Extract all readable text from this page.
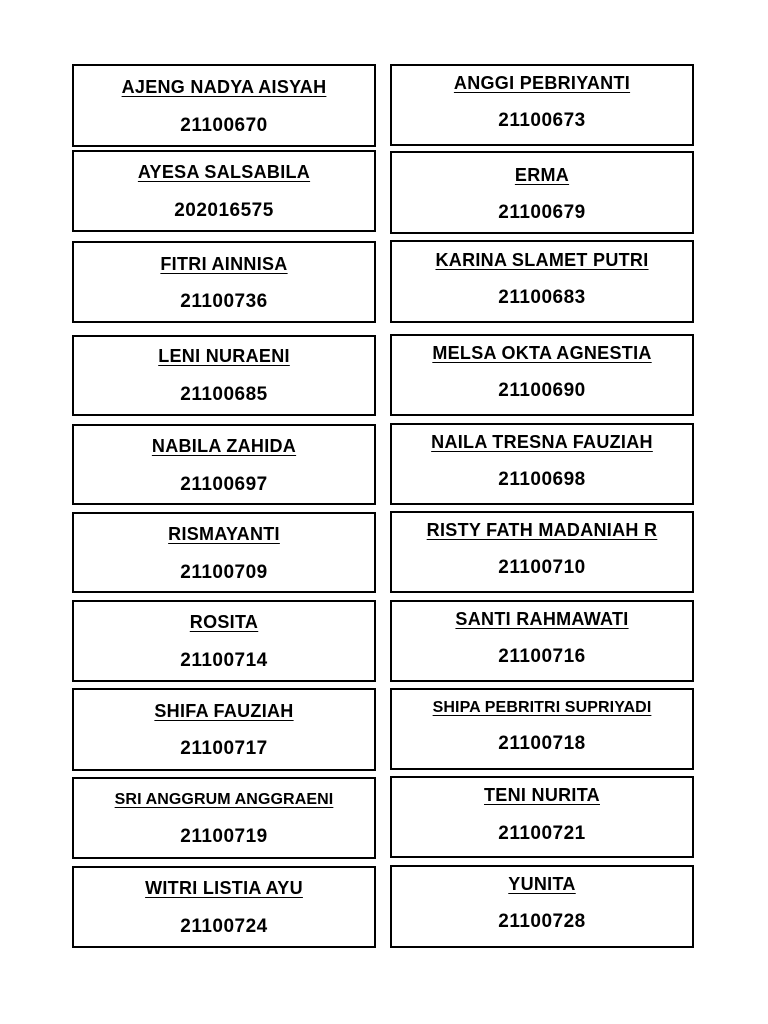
AJENG NADYA AISYAH
21100670
ANGGI PEBRIYANTI
21100673
AYESA SALSABILA
202016575
ERMA
21100679
FITRI AINNISA
21100736
KARINA SLAMET PUTRI
21100683
LENI NURAENI
21100685
MELSA OKTA AGNESTIA
21100690
NABILA ZAHIDA
21100697
NAILA TRESNA FAUZIAH
21100698
RISMAYANTI
21100709
RISTY FATH MADANIAH R
21100710
ROSITA
21100714
SANTI RAHMAWATI
21100716
SHIFA FAUZIAH
21100717
SHIPA PEBRITRI SUPRIYADI
21100718
SRI ANGGRUM ANGGRAENI
21100719
TENI NURITA
21100721
WITRI LISTIA AYU
21100724
YUNITA
21100728
